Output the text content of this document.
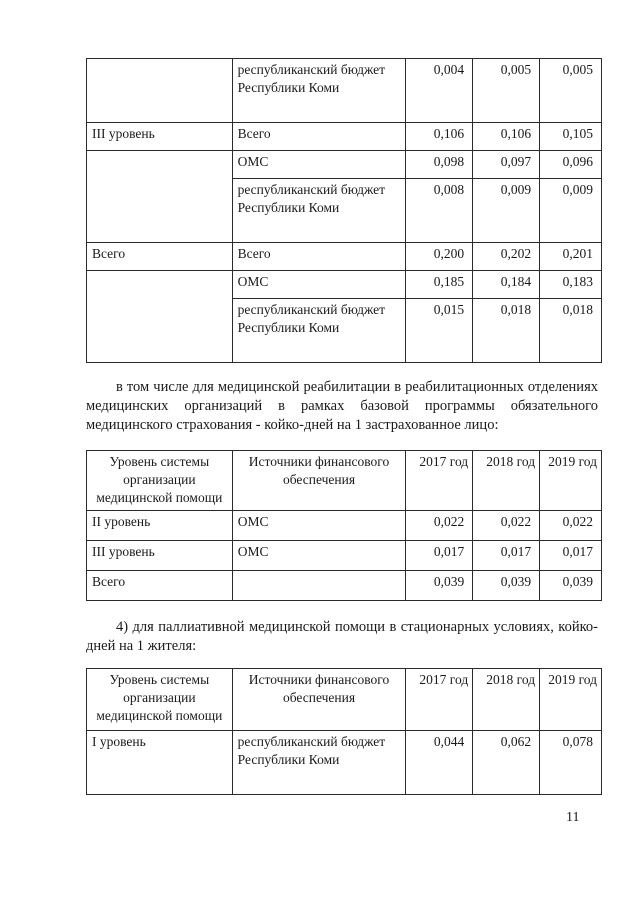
	республиканский бюджет Республики Коми	0,004	0,005	0,005
III уровень	Всего	0,106	0,106	0,105
	ОМС	0,098	0,097	0,096
	республиканский бюджет Республики Коми	0,008	0,009	0,009
Всего	Всего	0,200	0,202	0,201
	ОМС	0,185	0,184	0,183
	республиканский бюджет Республики Коми	0,015	0,018	0,018
в том числе для медицинской реабилитации в реабилитационных отделениях медицинских организаций в рамках базовой программы обязательного медицинского страхования - койко-дней на 1 застрахованное лицо:
Уровень системы организации медицинской помощи	Источники финансового обеспечения	2017 год	2018 год	2019 год
II уровень	ОМС	0,022	0,022	0,022
III уровень	ОМС	0,017	0,017	0,017
Всего		0,039	0,039	0,039
4) для паллиативной медицинской помощи в стационарных условиях, койко-дней на 1 жителя:
Уровень системы организации медицинской помощи	Источники финансового обеспечения	2017 год	2018 год	2019 год
I уровень	республиканский бюджет Республики Коми	0,044	0,062	0,078
11
